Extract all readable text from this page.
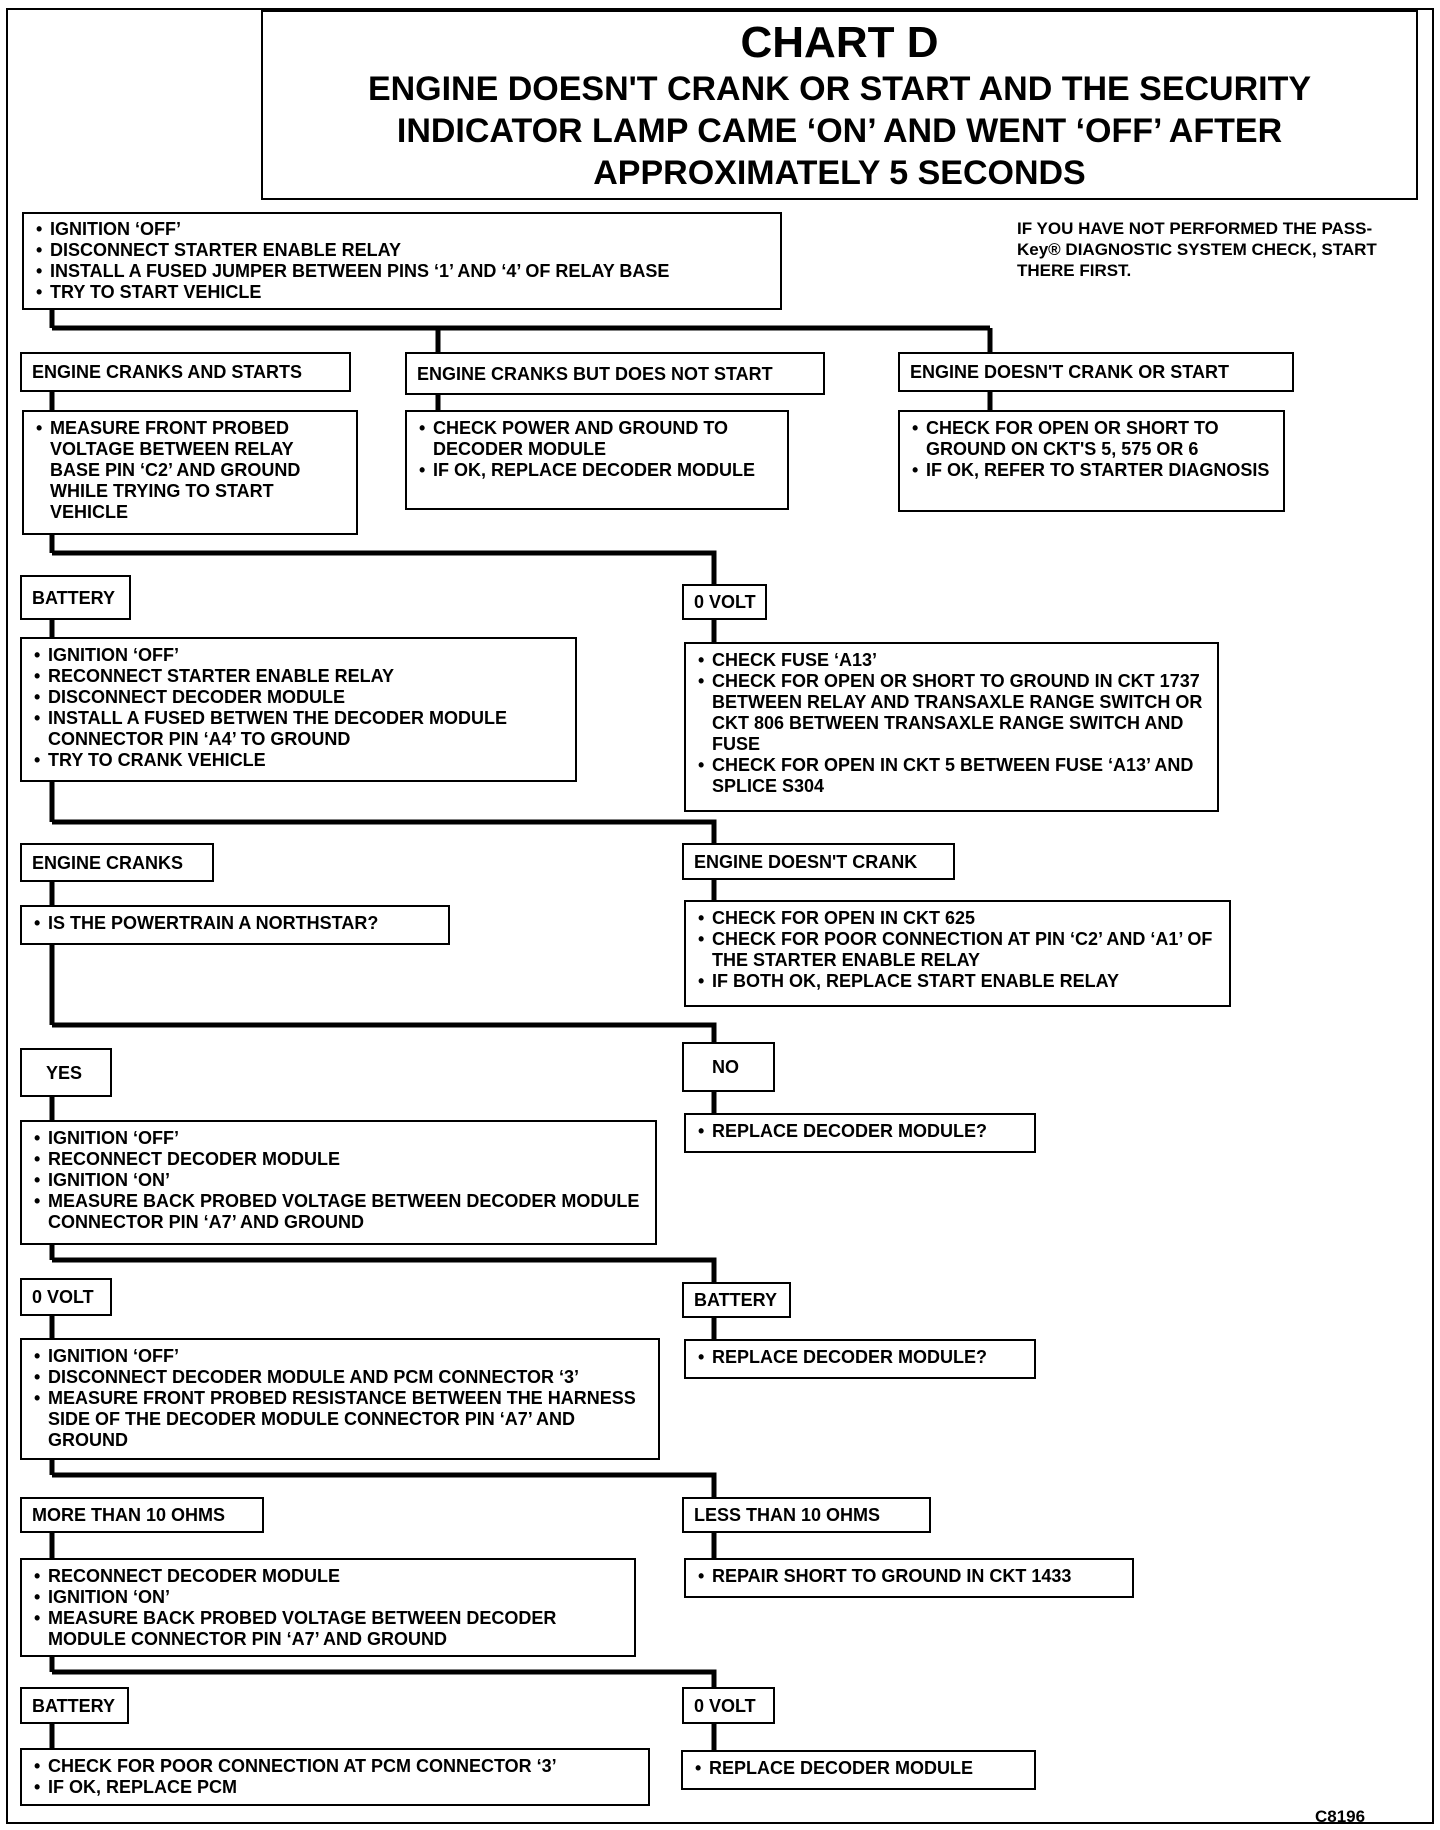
CHART D
ENGINE DOESN'T CRANK OR START AND THE SECURITY INDICATOR LAMP CAME ‘ON’ AND WENT ‘OFF’ AFTER APPROXIMATELY 5 SECONDS
IF YOU HAVE NOT PERFORMED THE PASS-Key® DIAGNOSTIC SYSTEM CHECK, START THERE FIRST.
• IGNITION ‘OFF’
• DISCONNECT STARTER ENABLE RELAY
• INSTALL A FUSED JUMPER BETWEEN PINS ‘1’ AND ‘4’ OF RELAY BASE
• TRY TO START VEHICLE
ENGINE CRANKS AND STARTS
• MEASURE FRONT PROBED VOLTAGE BETWEEN RELAY BASE PIN ‘C2’ AND GROUND WHILE TRYING TO START VEHICLE
ENGINE CRANKS BUT DOES NOT START
• CHECK POWER AND GROUND TO DECODER MODULE
• IF OK, REPLACE DECODER MODULE
ENGINE DOESN'T CRANK OR START
• CHECK FOR OPEN OR SHORT TO GROUND ON CKT'S 5, 575 OR 6
• IF OK, REFER TO STARTER DIAGNOSIS
BATTERY
• IGNITION ‘OFF’
• RECONNECT STARTER ENABLE RELAY
• DISCONNECT DECODER MODULE
• INSTALL A FUSED BETWEN THE DECODER MODULE CONNECTOR PIN ‘A4’ TO GROUND
• TRY TO CRANK VEHICLE
0 VOLT
• CHECK FUSE ‘A13’
• CHECK FOR OPEN OR SHORT TO GROUND IN CKT 1737 BETWEEN RELAY AND TRANSAXLE RANGE SWITCH OR CKT 806 BETWEEN TRANSAXLE RANGE SWITCH AND FUSE
• CHECK FOR OPEN IN CKT 5 BETWEEN FUSE ‘A13’ AND SPLICE S304
ENGINE CRANKS
• IS THE POWERTRAIN A NORTHSTAR?
ENGINE DOESN'T CRANK
• CHECK FOR OPEN IN CKT 625
• CHECK FOR POOR CONNECTION AT PIN ‘C2’ AND ‘A1’ OF THE STARTER ENABLE RELAY
• IF BOTH OK, REPLACE START ENABLE RELAY
YES
• IGNITION ‘OFF’
• RECONNECT DECODER MODULE
• IGNITION ‘ON’
• MEASURE BACK PROBED VOLTAGE BETWEEN DECODER MODULE CONNECTOR PIN ‘A7’ AND GROUND
NO
• REPLACE DECODER MODULE?
0 VOLT
• IGNITION ‘OFF’
• DISCONNECT DECODER MODULE AND PCM CONNECTOR ‘3’
• MEASURE FRONT PROBED RESISTANCE BETWEEN THE HARNESS SIDE OF THE DECODER MODULE CONNECTOR PIN ‘A7’ AND GROUND
BATTERY
• REPLACE DECODER MODULE?
MORE THAN 10 OHMS
• RECONNECT DECODER MODULE
• IGNITION ‘ON’
• MEASURE BACK PROBED VOLTAGE BETWEEN DECODER MODULE CONNECTOR PIN ‘A7’ AND GROUND
LESS THAN 10 OHMS
• REPAIR SHORT TO GROUND IN CKT 1433
BATTERY
• CHECK FOR POOR CONNECTION AT PCM CONNECTOR ‘3’
• IF OK, REPLACE PCM
0 VOLT
• REPLACE DECODER MODULE
C8196
